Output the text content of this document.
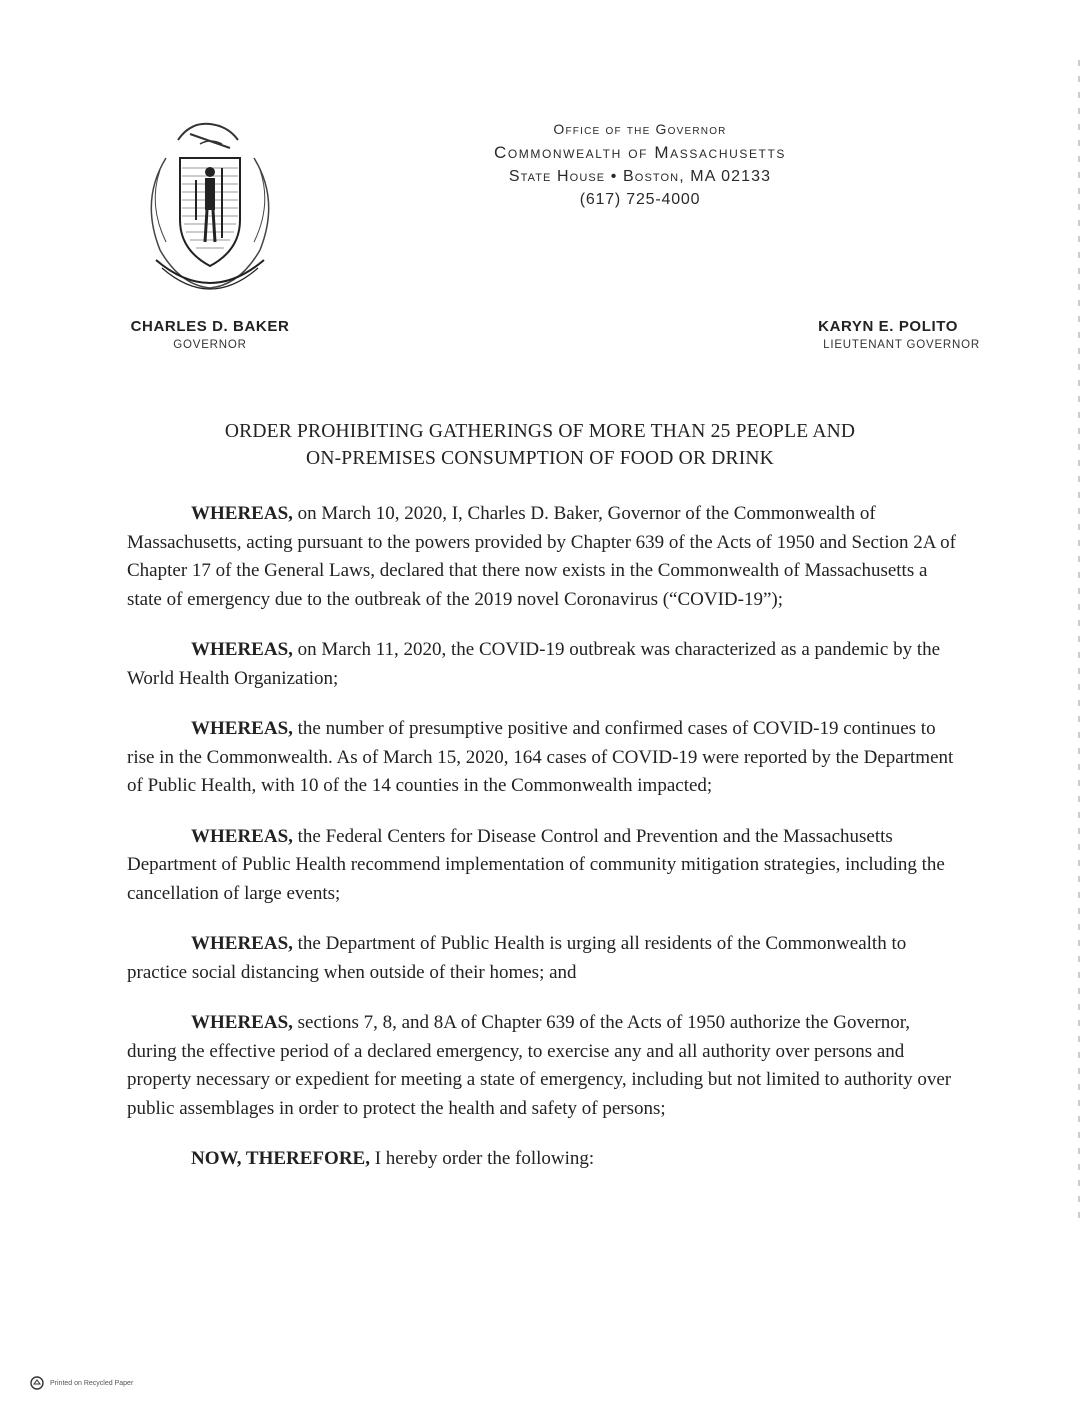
Office of the Governor
Commonwealth of Massachusetts
State House • Boston, MA 02133
(617) 725-4000
CHARLES D. BAKER
GOVERNOR
KARYN E. POLITO
LIEUTENANT GOVERNOR
ORDER PROHIBITING GATHERINGS OF MORE THAN 25 PEOPLE AND
ON-PREMISES CONSUMPTION OF FOOD OR DRINK

WHEREAS, on March 10, 2020, I, Charles D. Baker, Governor of the Commonwealth of Massachusetts, acting pursuant to the powers provided by Chapter 639 of the Acts of 1950 and Section 2A of Chapter 17 of the General Laws, declared that there now exists in the Commonwealth of Massachusetts a state of emergency due to the outbreak of the 2019 novel Coronavirus (“COVID-19”);

WHEREAS, on March 11, 2020, the COVID-19 outbreak was characterized as a pandemic by the World Health Organization;

WHEREAS, the number of presumptive positive and confirmed cases of COVID-19 continues to rise in the Commonwealth. As of March 15, 2020, 164 cases of COVID-19 were reported by the Department of Public Health, with 10 of the 14 counties in the Commonwealth impacted;

WHEREAS, the Federal Centers for Disease Control and Prevention and the Massachusetts Department of Public Health recommend implementation of community mitigation strategies, including the cancellation of large events;

WHEREAS, the Department of Public Health is urging all residents of the Commonwealth to practice social distancing when outside of their homes; and

WHEREAS, sections 7, 8, and 8A of Chapter 639 of the Acts of 1950 authorize the Governor, during the effective period of a declared emergency, to exercise any and all authority over persons and property necessary or expedient for meeting a state of emergency, including but not limited to authority over public assemblages in order to protect the health and safety of persons;

NOW, THEREFORE, I hereby order the following:

Printed on Recycled Paper
